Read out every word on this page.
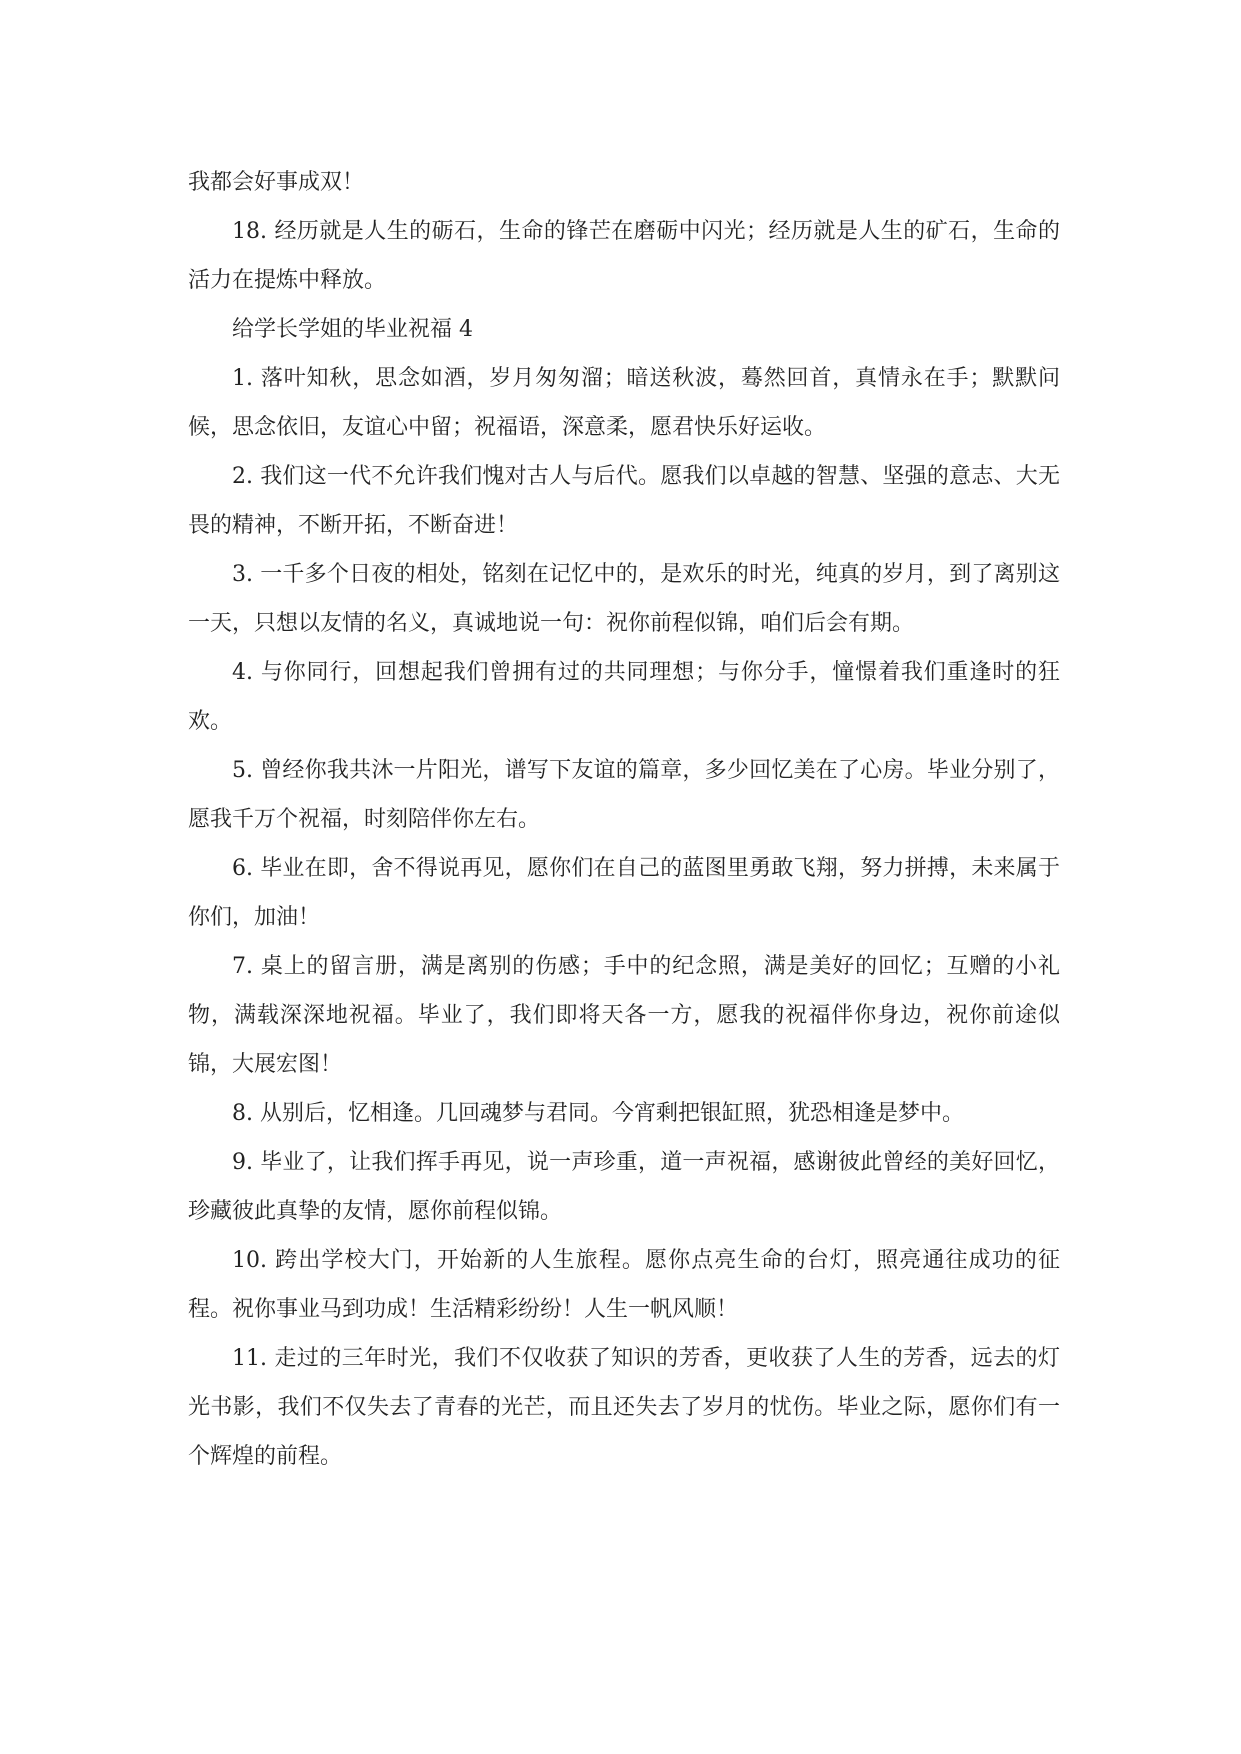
我都会好事成双！

18. 经历就是人生的砺石，生命的锋芒在磨砺中闪光；经历就是人生的矿石，生命的活力在提炼中释放。

给学长学姐的毕业祝福 4

1. 落叶知秋，思念如酒，岁月匆匆溜；暗送秋波，蓦然回首，真情永在手；默默问候，思念依旧，友谊心中留；祝福语，深意柔，愿君快乐好运收。

2. 我们这一代不允许我们愧对古人与后代。愿我们以卓越的智慧、坚强的意志、大无畏的精神，不断开拓，不断奋进！

3. 一千多个日夜的相处，铭刻在记忆中的，是欢乐的时光，纯真的岁月，到了离别这一天，只想以友情的名义，真诚地说一句：祝你前程似锦，咱们后会有期。

4. 与你同行，回想起我们曾拥有过的共同理想；与你分手，憧憬着我们重逢时的狂欢。

5. 曾经你我共沐一片阳光，谱写下友谊的篇章，多少回忆美在了心房。毕业分别了，愿我千万个祝福，时刻陪伴你左右。

6. 毕业在即，舍不得说再见，愿你们在自己的蓝图里勇敢飞翔，努力拼搏，未来属于你们，加油！

7. 桌上的留言册，满是离别的伤感；手中的纪念照，满是美好的回忆；互赠的小礼物，满载深深地祝福。毕业了，我们即将天各一方，愿我的祝福伴你身边，祝你前途似锦，大展宏图！

8. 从别后，忆相逢。几回魂梦与君同。今宵剩把银缸照，犹恐相逢是梦中。

9. 毕业了，让我们挥手再见，说一声珍重，道一声祝福，感谢彼此曾经的美好回忆，珍藏彼此真挚的友情，愿你前程似锦。

10. 跨出学校大门，开始新的人生旅程。愿你点亮生命的台灯，照亮通往成功的征程。祝你事业马到功成！生活精彩纷纷！人生一帆风顺！

11. 走过的三年时光，我们不仅收获了知识的芳香，更收获了人生的芳香，远去的灯光书影，我们不仅失去了青春的光芒，而且还失去了岁月的忧伤。毕业之际，愿你们有一个辉煌的前程。
